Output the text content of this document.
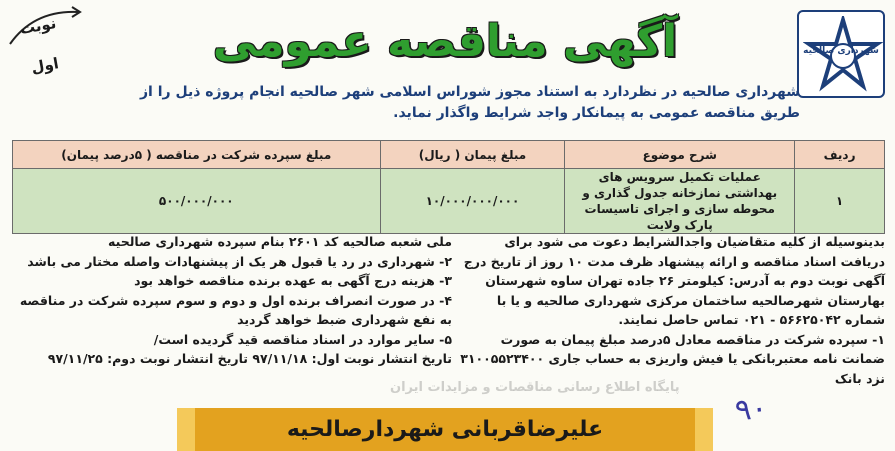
نوبت اول	آگهی مناقصه عمومی	شهرداری صالحیه
شهرداری صالحیه در نظردارد به استناد مجوز شوراس اسلامی شهر صالحیه انجام پروژه ذیل را از طریق مناقصه عمومی به پیمانکار واجد شرایط واگذار نماید.
ردیف	شرح موضوع	مبلغ پیمان ( ریال)	مبلغ سپرده شرکت در مناقصه ( ۵درصد پیمان)
۱	عملیات تکمیل سرویس های بهداشتی نمازخانه جدول گذاری و محوطه سازی و اجرای تاسیسات پارک ولایت	۱۰/۰۰۰/۰۰۰/۰۰۰	۵۰۰/۰۰۰/۰۰۰

بدینوسیله از کلیه متقاضیان واجدالشرایط دعوت می شود برای دریافت اسناد مناقصه و ارائه پیشنهاد ظرف مدت ۱۰ روز از تاریخ درج آگهی نوبت دوم به آدرس: کیلومتر ۲۶ جاده تهران ساوه شهرستان بهارستان شهرصالحیه ساختمان مرکزی شهرداری صالحیه و یا با شماره ۵۶۶۲۵۰۴۲ - ۰۲۱ تماس حاصل نمایند.

۱- سپرده شرکت در مناقصه معادل ۵درصد مبلغ پیمان به صورت ضمانت نامه معتبربانکی یا فیش واریزی به حساب جاری ۳۱۰۰۵۵۲۳۴۰۰ نزد بانک

ملی شعبه صالحیه کد ۲۶۰۱ بنام سپرده شهرداری صالحیه

۲- شهرداری در رد یا قبول هر یک از پیشنهادات واصله مختار می باشد

۳- هزینه درج آگهی به عهده برنده مناقصه خواهد بود

۴- در صورت انصراف برنده اول و دوم و سوم سپرده شرکت در مناقصه به نفع شهرداری ضبط خواهد گردید

۵- سایر موارد در اسناد مناقصه قید گردیده است/

تاریخ انتشار نوبت اول: ۹۷/۱۱/۱۸ تاریخ انتشار نوبت دوم: ۹۷/۱۱/۲۵

پایگاه اطلاع رسانی مناقصات و مزایدات ایران
۹۰
علیرضاقربانی شهردارصالحیه
